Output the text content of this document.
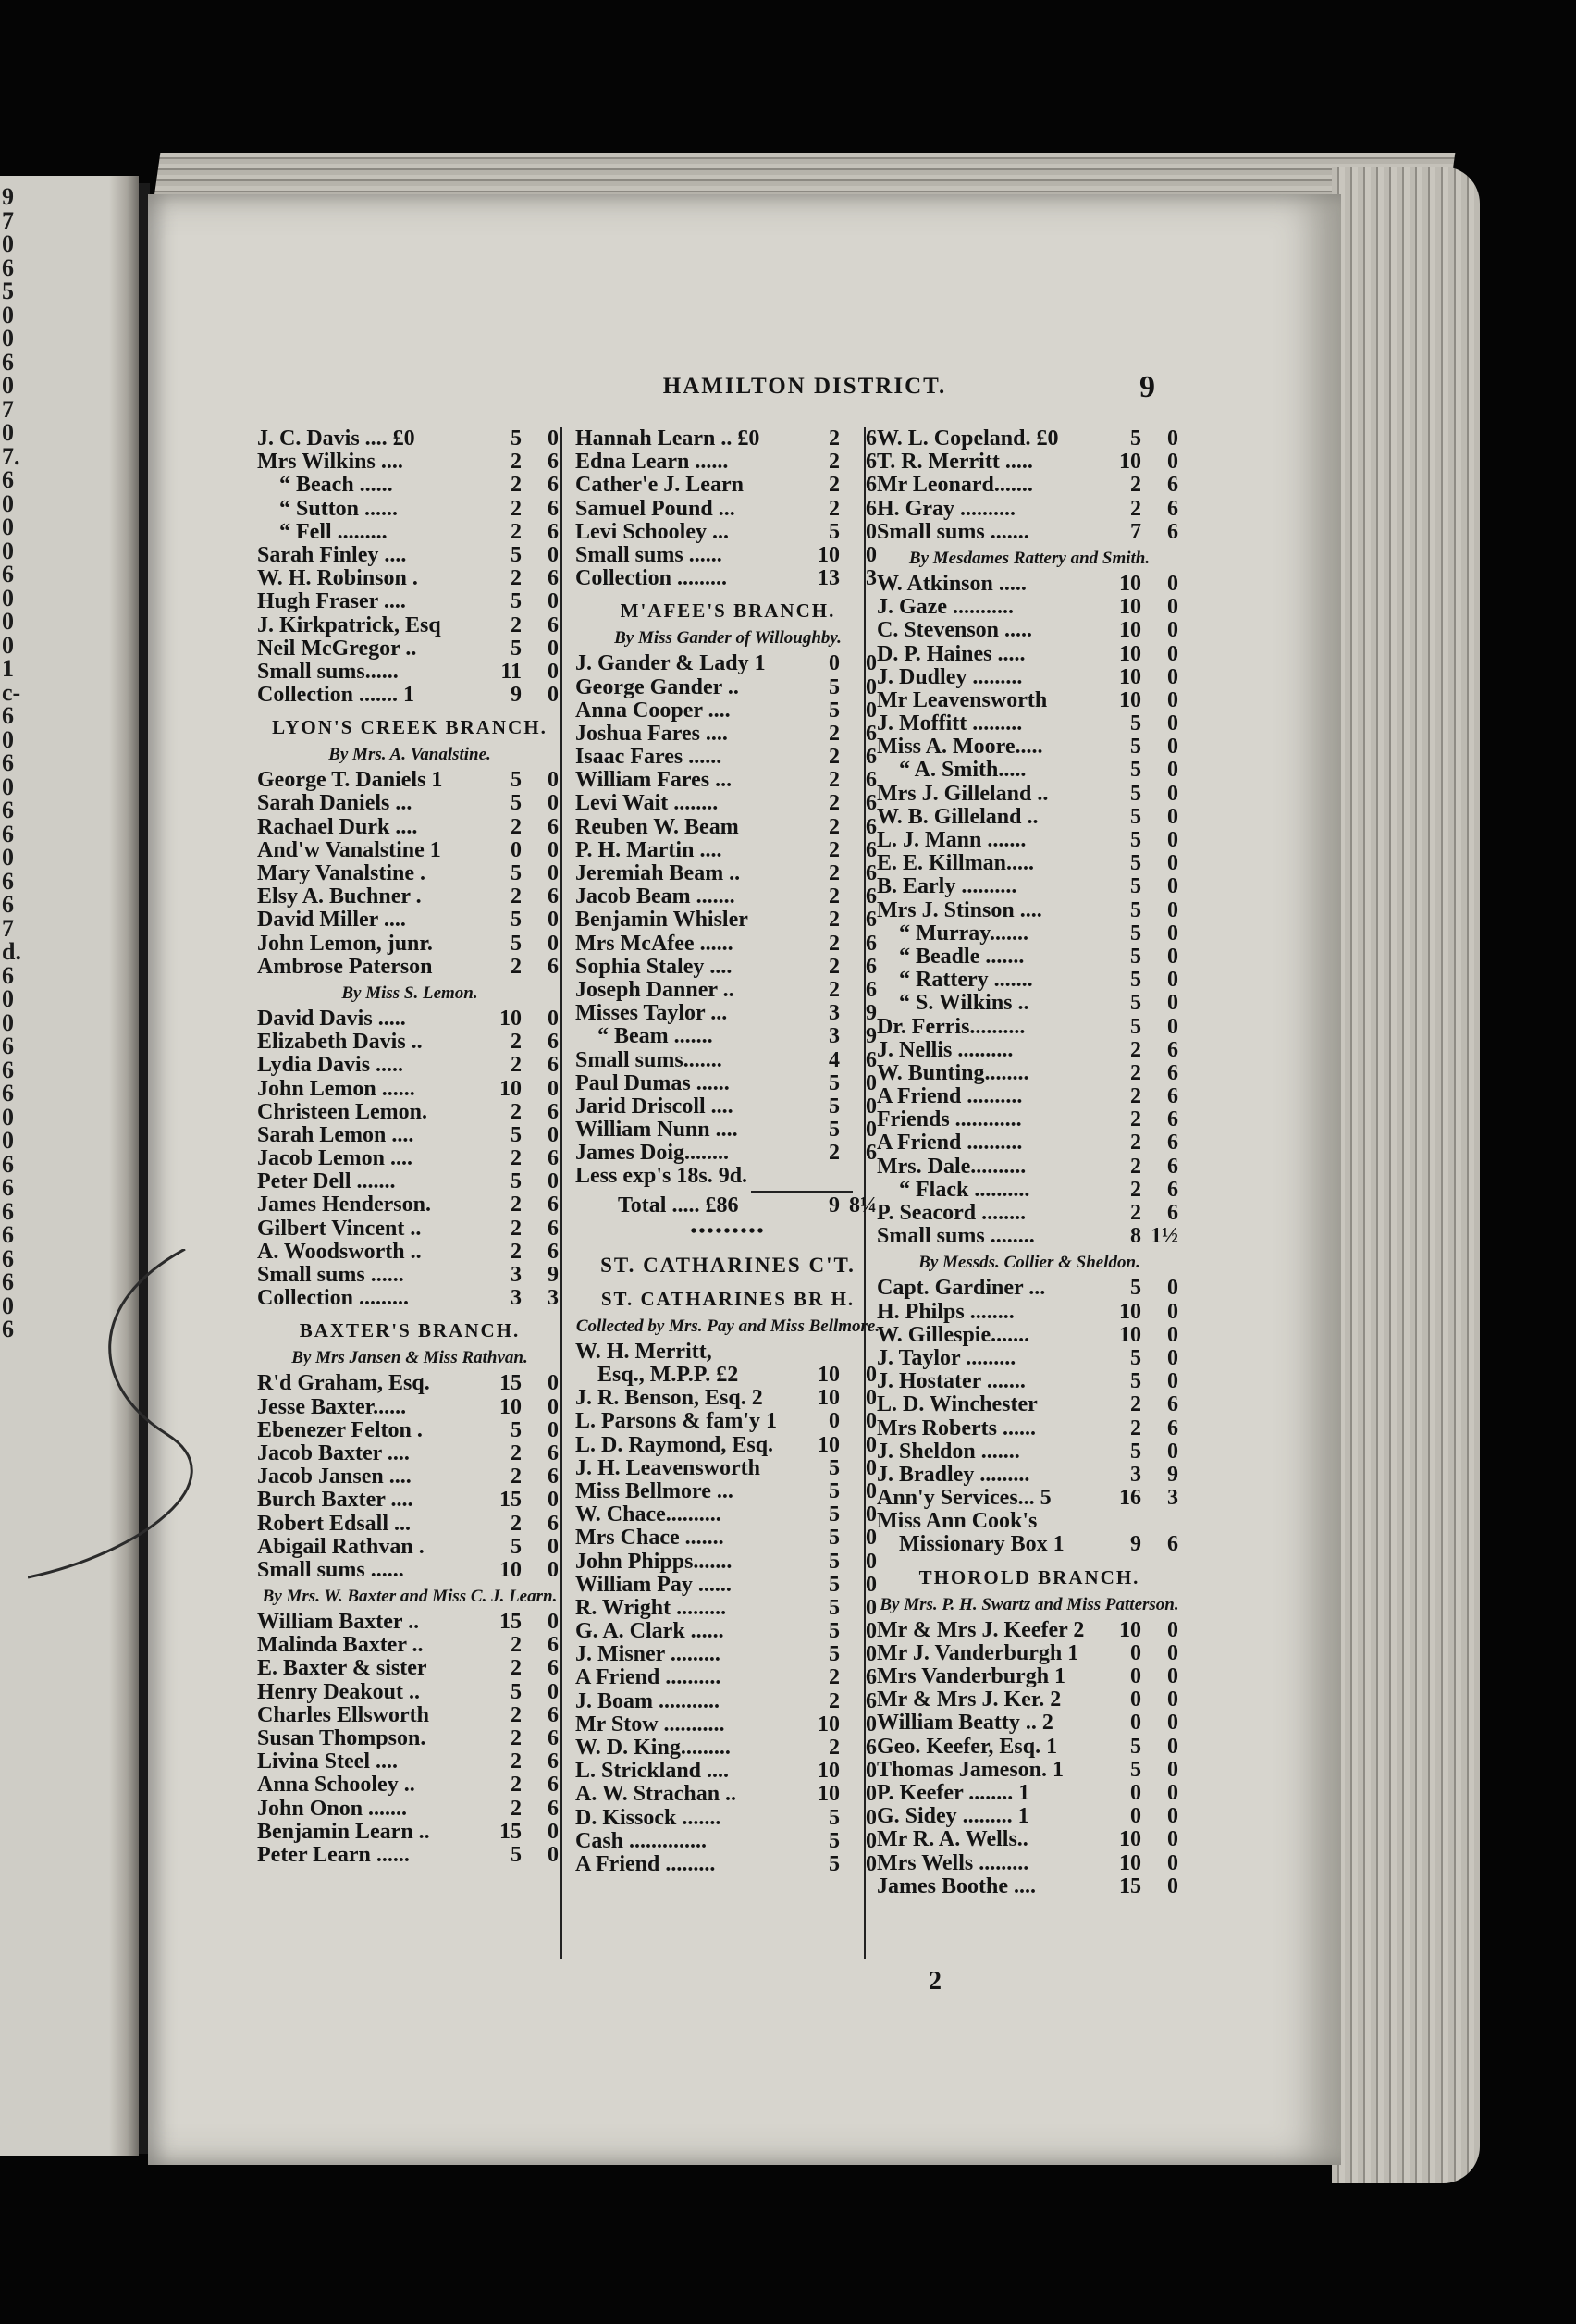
9
7
0
6
5
0
0
6
0
7
0
7.
6
0
0
0
6
0
0
0
1
c-
6
0
6
0
6
6
0
6
6
7
d.
6
0
0
6
6
6
0
0
6
6
6
6
6
6
0
6
HAMILTON DISTRICT.	9
J. C. Davis .... £0	5	0
Mrs Wilkins ....	2	6
“ Beach ......	2	6
“ Sutton ......	2	6
“ Fell .........	2	6
Sarah Finley ....	5	0
W. H. Robinson .	2	6
Hugh Fraser ....	5	0
J. Kirkpatrick, Esq	2	6
Neil McGregor ..	5	0
Small sums......	11	0
Collection ....... 1	9	0
LYON'S CREEK BRANCH.
By Mrs. A. Vanalstine.
George T. Daniels 1	5	0
Sarah Daniels ...	5	0
Rachael Durk ....	2	6
And'w Vanalstine 1	0	0
Mary Vanalstine .	5	0
Elsy A. Buchner .	2	6
David Miller ....	5	0
John Lemon, junr.	5	0
Ambrose Paterson	2	6
By Miss S. Lemon.
David Davis .....	10	0
Elizabeth Davis ..	2	6
Lydia Davis .....	2	6
John Lemon ......	10	0
Christeen Lemon.	2	6
Sarah Lemon ....	5	0
Jacob Lemon ....	2	6
Peter Dell .......	5	0
James Henderson.	2	6
Gilbert Vincent ..	2	6
A. Woodsworth ..	2	6
Small sums ......	3	9
Collection .........	3	3
BAXTER'S BRANCH.
By Mrs Jansen & Miss Rathvan.
R'd Graham, Esq.	15	0
Jesse Baxter......	10	0
Ebenezer Felton .	5	0
Jacob Baxter ....	2	6
Jacob Jansen ....	2	6
Burch Baxter ....	15	0
Robert Edsall ...	2	6
Abigail Rathvan .	5	0
Small sums ......	10	0
By Mrs. W. Baxter and Miss C. J. Learn.
William Baxter ..	15	0
Malinda Baxter ..	2	6
E. Baxter & sister	2	6
Henry Deakout ..	5	0
Charles Ellsworth	2	6
Susan Thompson.	2	6
Livina Steel ....	2	6
Anna Schooley ..	2	6
John Onon .......	2	6
Benjamin Learn ..	15	0
Peter Learn ......	5	0
Hannah Learn .. £0	2	6
Edna Learn ......	2	6
Cather'e J. Learn	2	6
Samuel Pound ...	2	6
Levi Schooley ...	5	0
Small sums ......	10	0
Collection .........	13	3
M'AFEE'S BRANCH.
By Miss Gander of Willoughby.
J. Gander & Lady 1	0	0
George Gander ..	5	0
Anna Cooper ....	5	0
Joshua Fares ....	2	6
Isaac Fares ......	2	6
William Fares ...	2	6
Levi Wait ........	2	6
Reuben W. Beam	2	6
P. H. Martin ....	2	6
Jeremiah Beam ..	2	6
Jacob Beam .......	2	6
Benjamin Whisler	2	6
Mrs McAfee ......	2	6
Sophia Staley ....	2	6
Joseph Danner ..	2	6
Misses Taylor ...	3	9
“ Beam .......	3	9
Small sums.......	4	6
Paul Dumas ......	5	0
Jarid Driscoll ....	5	0
William Nunn ....	5	0
James Doig........	2	6
Less exp's 18s. 9d.
Total ..... £86	9 8¼
•••••••••
ST. CATHARINES C'T.
ST. CATHARINES BR H.
Collected by Mrs. Pay and Miss Bellmore.
W. H. Merritt,
Esq., M.P.P. £2	10	0
J. R. Benson, Esq. 2	10	0
L. Parsons & fam'y 1	0	0
L. D. Raymond, Esq.	10	0
J. H. Leavensworth	5	0
Miss Bellmore ...	5	0
W. Chace..........	5	0
Mrs Chace .......	5	0
John Phipps.......	5	0
William Pay ......	5	0
R. Wright .........	5	0
G. A. Clark ......	5	0
J. Misner .........	5	0
A Friend ..........	2	6
J. Boam ...........	2	6
Mr Stow ...........	10	0
W. D. King.........	2	6
L. Strickland ....	10	0
A. W. Strachan ..	10	0
D. Kissock .......	5	0
Cash ..............	5	0
A Friend .........	5	0
W. L. Copeland. £0	5	0
T. R. Merritt .....	10	0
Mr Leonard.......	2	6
H. Gray ..........	2	6
Small sums .......	7	6
By Mesdames Rattery and Smith.
W. Atkinson .....	10	0
J. Gaze ...........	10	0
C. Stevenson .....	10	0
D. P. Haines .....	10	0
J. Dudley .........	10	0
Mr Leavensworth	10	0
J. Moffitt .........	5	0
Miss A. Moore.....	5	0
“ A. Smith.....	5	0
Mrs J. Gilleland ..	5	0
W. B. Gilleland ..	5	0
L. J. Mann .......	5	0
E. E. Killman.....	5	0
B. Early ..........	5	0
Mrs J. Stinson ....	5	0
“ Murray.......	5	0
“ Beadle .......	5	0
“ Rattery .......	5	0
“ S. Wilkins ..	5	0
Dr. Ferris..........	5	0
J. Nellis ..........	2	6
W. Bunting........	2	6
A Friend ..........	2	6
Friends ............	2	6
A Friend ..........	2	6
Mrs. Dale..........	2	6
“ Flack ..........	2	6
P. Seacord ........	2	6
Small sums ........	8 1½
By Messds. Collier & Sheldon.
Capt. Gardiner ...	5	0
H. Philps ........	10	0
W. Gillespie.......	10	0
J. Taylor .........	5	0
J. Hostater .......	5	0
L. D. Winchester	2	6
Mrs Roberts ......	2	6
J. Sheldon .......	5	0
J. Bradley .........	3	9
Ann'y Services... 5	16	3
Miss Ann Cook's
Missionary Box 1	9	6
THOROLD BRANCH.
By Mrs. P. H. Swartz and Miss Patterson.
Mr & Mrs J. Keefer 2	10	0
Mr J. Vanderburgh 1	0	0
Mrs Vanderburgh 1	0	0
Mr & Mrs J. Ker. 2	0	0
William Beatty .. 2	0	0
Geo. Keefer, Esq. 1	5	0
Thomas Jameson. 1	5	0
P. Keefer ........ 1	0	0
G. Sidey ......... 1	0	0
Mr R. A. Wells..	10	0
Mrs Wells .........	10	0
James Boothe ....	15	0
2
